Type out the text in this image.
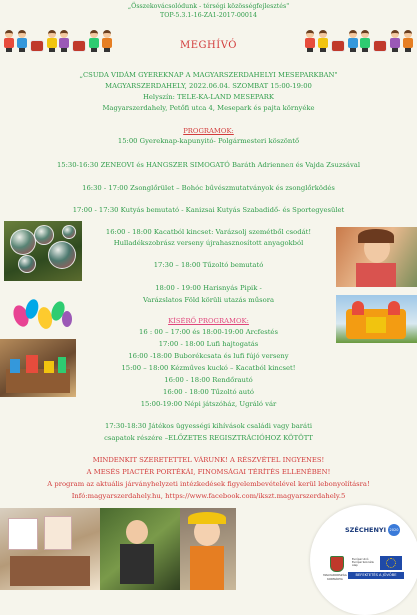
„Összekovácsolódunk - térségi közösségfejlesztés"
TOP-5.3.1-16-ZA1-2017-00014
MEGHÍVÓ
„CSUDA VIDÁM GYEREKNAP A MAGYARSZERDAHELYI MESEPARKBAN"
MAGYARSZERDAHELY, 2022.06.04. SZOMBAT 15:00-19:00
Helyszín: TELE-KA-LAND MESEPARK
Magyarszerdahely, Petőfi utca 4, Mesepark és pajta környéke
PROGRAMOK:
15:00 Gyereknap-kapunyitó- Polgármesteri köszöntő
15:30-16:30 ZENEOVI és HANGSZER SIMOGATÓ Baráth Adrienneл és Vajda Zsuzsával
16:30 - 17:00 Zsonglőrület – Bohóc bűvészmutatványok és zsonglőrködés
17:00 - 17:30 Kutyás bemutató - Kanizsai Kutyás Szabadidő- és Sportegyesület
16:00 - 18:00 Kacatból kincset: Varázsolj szemétből csodát!
Hulladékszobrász verseny újrahasznosított anyagokból
17:30 – 18:00 Tűzoltó bemutató
18:00 - 19:00 Harisnyás Pipik -
Varázslatos Föld körüli utazás műsora
KÍSÉRŐ PROGRAMOK:
16 : 00 – 17:00 és 18:00-19:00 Arcfestés
17:00 - 18:00 Lufi hajtogatás
16:00 -18:00 Buborékcsata és lufi fújó verseny
15:00 – 18:00 Kézműves kuckó – Kacatból kincset!
16:00 - 18:00 Rendőrautó
16:00 - 18:00 Tűzoltó autó
15:00-19:00 Népi játszóház, Ugráló vár
17:30-18:30 Játékos ügyességi kihívások családi vagy baráti
csapatok részére –ELŐZETES REGISZTRÁCIÓHOZ KÖTÖTT
MINDENKIT SZERETETTEL VÁRUNK! A RÉSZVÉTEL INGYENES!
A MESÉS PIACTÉR PORTÉKÁI, FINOMSÁGAI TÉRÍTÉS ELLENÉBEN!
A program az aktuális járványhelyzeti intézkedések figyelembevételével kerül lebonyolításra!
Infó:magyarszerdahely.hu, https://www.facebook.com/ikszt.magyarszerdahely.5
SZÉCHENYI 2020
MAGYARORSZÁG KORMÁNYA
Európai Unió Európai Szociális Alap
BEFEKTETÉS A JÖVŐBE
